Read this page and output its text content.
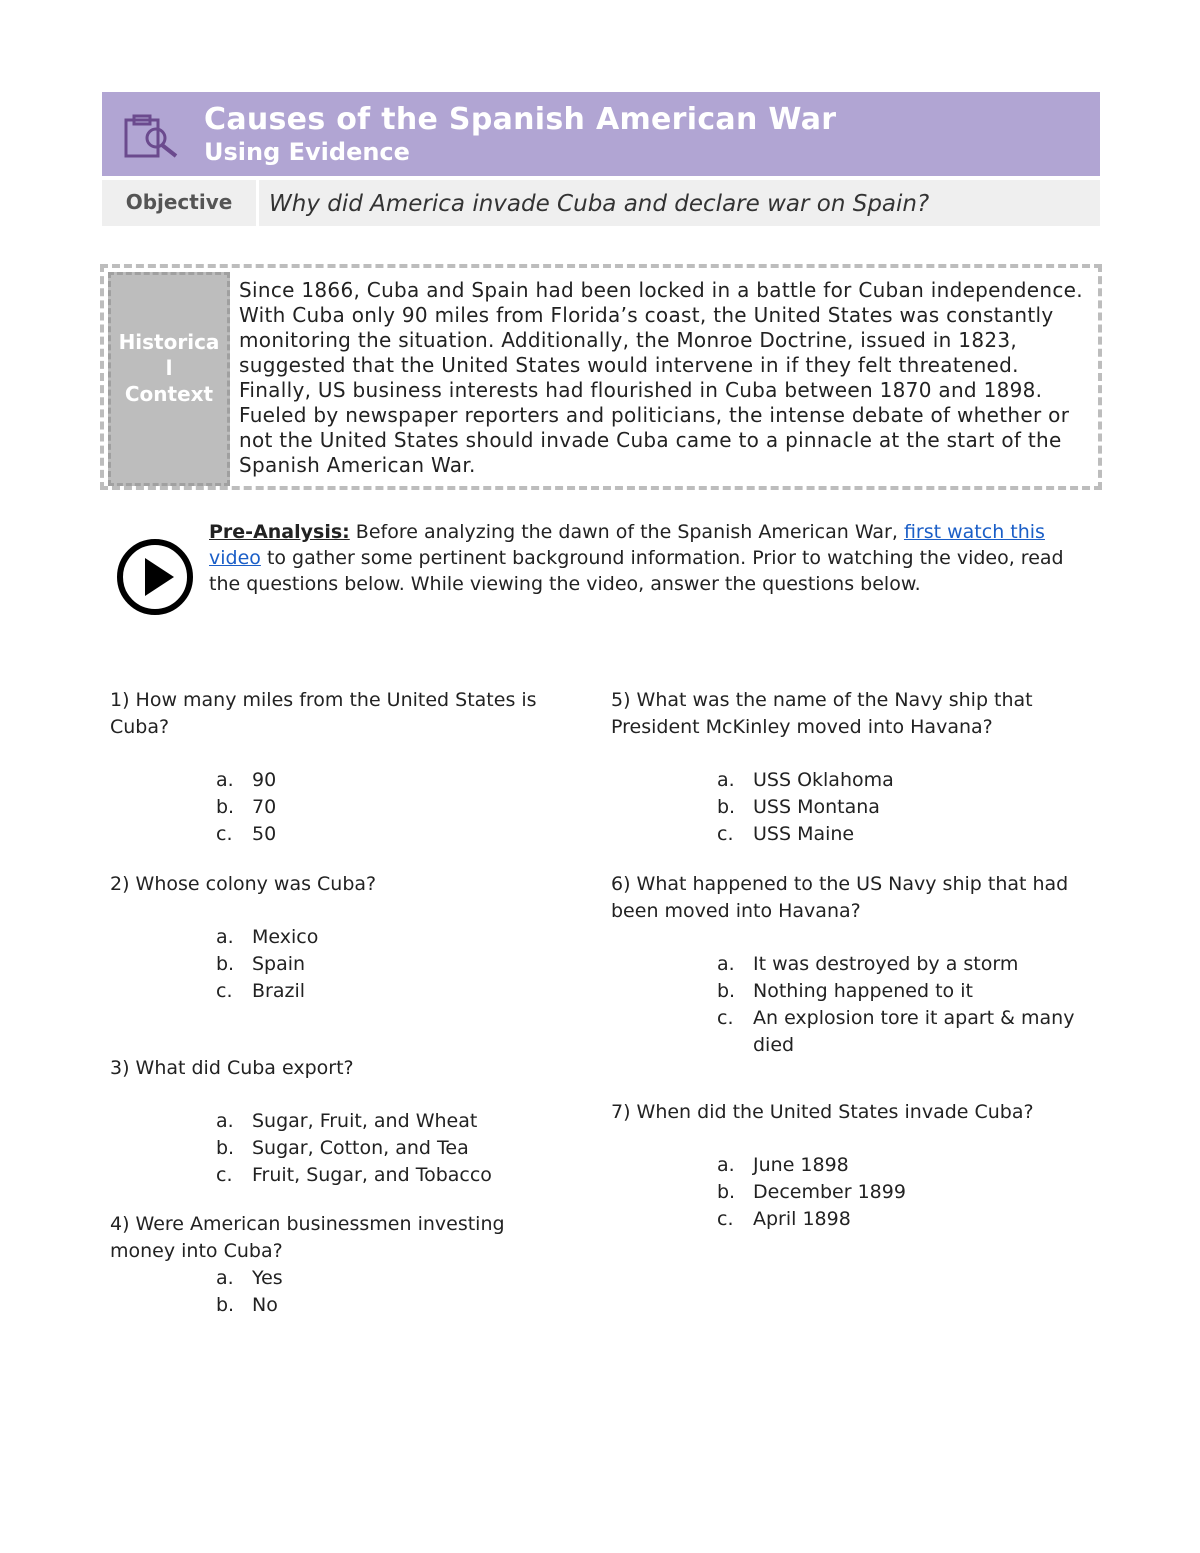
Causes of the Spanish American War
Using Evidence
Objective	Why did America invade Cuba and declare war on Spain?
Historica
l
Context
Since 1866, Cuba and Spain had been locked in a battle for Cuban independence. With Cuba only 90 miles from Florida’s coast, the United States was constantly monitoring the situation. Additionally, the Monroe Doctrine, issued in 1823, suggested that the United States would intervene in if they felt threatened. Finally, US business interests had flourished in Cuba between 1870 and 1898. Fueled by newspaper reporters and politicians, the intense debate of whether or not the United States should invade Cuba came to a pinnacle at the start of the Spanish American War.
Pre-Analysis: Before analyzing the dawn of the Spanish American War, first watch this video to gather some pertinent background information. Prior to watching the video, read the questions below. While viewing the video, answer the questions below.
1) How many miles from the United States is Cuba?
a. 90
b. 70
c. 50
2) Whose colony was Cuba?
a. Mexico
b. Spain
c. Brazil
3) What did Cuba export?
a. Sugar, Fruit, and Wheat
b. Sugar, Cotton, and Tea
c. Fruit, Sugar, and Tobacco
4) Were American businessmen investing money into Cuba?
a. Yes
b. No
5) What was the name of the Navy ship that President McKinley moved into Havana?
a. USS Oklahoma
b. USS Montana
c. USS Maine
6) What happened to the US Navy ship that had been moved into Havana?
a. It was destroyed by a storm
b. Nothing happened to it
c. An explosion tore it apart & many died
7) When did the United States invade Cuba?
a. June 1898
b. December 1899
c. April 1898
